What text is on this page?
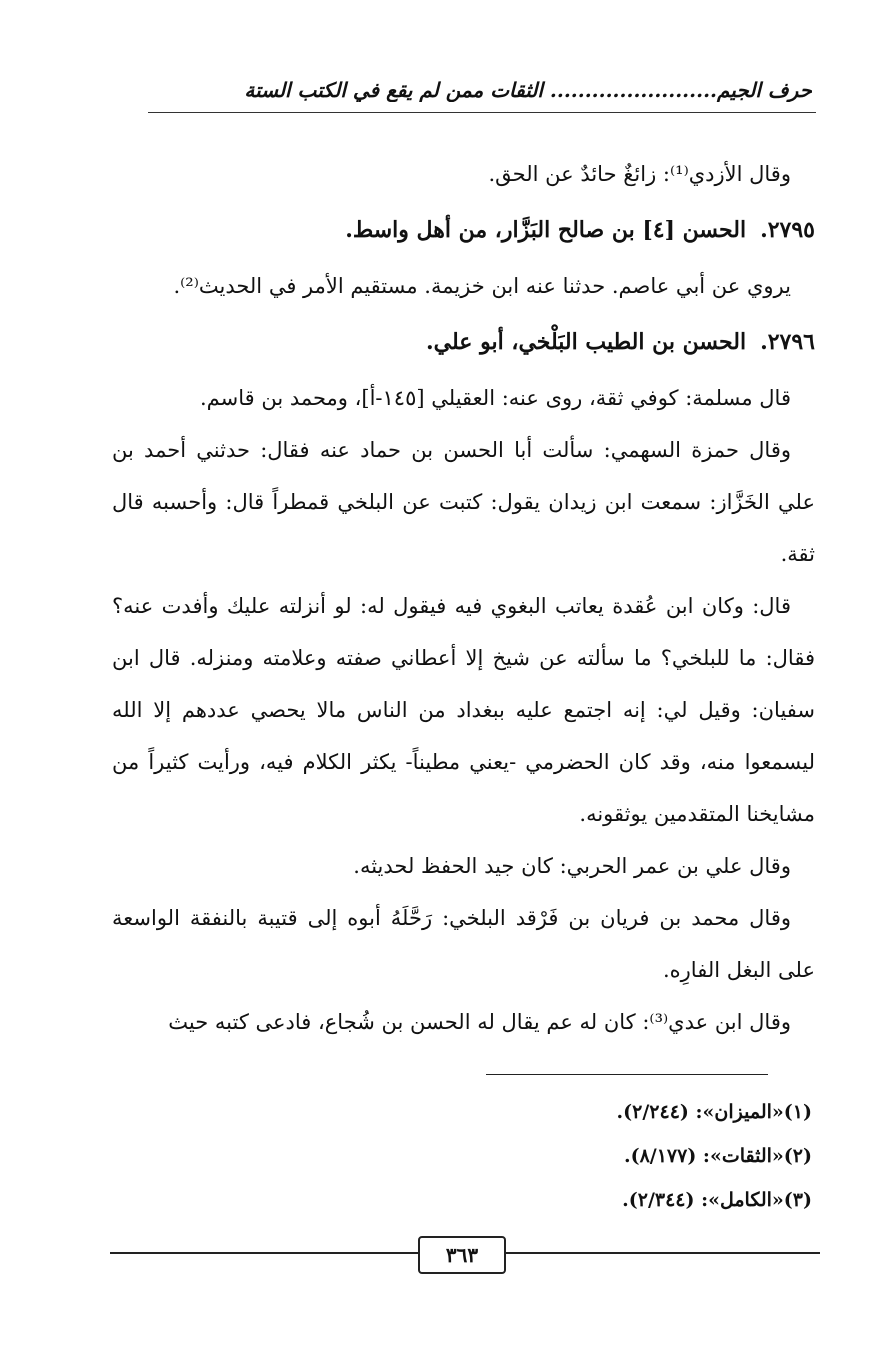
حرف الجيم........................ الثقات ممن لم يقع في الكتب الستة

وقال الأزدي⁽¹⁾: زائغٌ حائدٌ عن الحق.

٢٧٩٥.الحسن [٤] بن صالح البَزَّار، من أهل واسط.

يروي عن أبي عاصم. حدثنا عنه ابن خزيمة. مستقيم الأمر في الحديث⁽²⁾.

٢٧٩٦.الحسن بن الطيب البَلْخي، أبو علي.

قال مسلمة: كوفي ثقة، روى عنه: العقيلي [١٤٥-أ]، ومحمد بن قاسم.

وقال حمزة السهمي: سألت أبا الحسن بن حماد عنه فقال: حدثني أحمد بن علي الخَزَّاز: سمعت ابن زيدان يقول: كتبت عن البلخي قمطراً قال: وأحسبه قال ثقة.

قال: وكان ابن عُقدة يعاتب البغوي فيه فيقول له: لو أنزلته عليك وأفدت عنه؟ فقال: ما للبلخي؟ ما سألته عن شيخ إلا أعطاني صفته وعلامته ومنزله. قال ابن سفيان: وقيل لي: إنه اجتمع عليه ببغداد من الناس مالا يحصي عددهم إلا الله ليسمعوا منه، وقد كان الحضرمي -يعني مطيناً- يكثر الكلام فيه، ورأيت كثيراً من مشايخنا المتقدمين يوثقونه.

وقال علي بن عمر الحربي: كان جيد الحفظ لحديثه.

وقال محمد بن فريان بن فَرْقد البلخي: رَحَّلَهُ أبوه إلى قتيبة بالنفقة الواسعة على البغل الفارِه.

وقال ابن عدي⁽³⁾: كان له عم يقال له الحسن بن شُجاع، فادعى كتبه حيث

(١)«الميزان»: (٢/٢٤٤).

(٢)«الثقات»: (٨/١٧٧).

(٣)«الكامل»: (٢/٣٤٤).

٣٦٣
